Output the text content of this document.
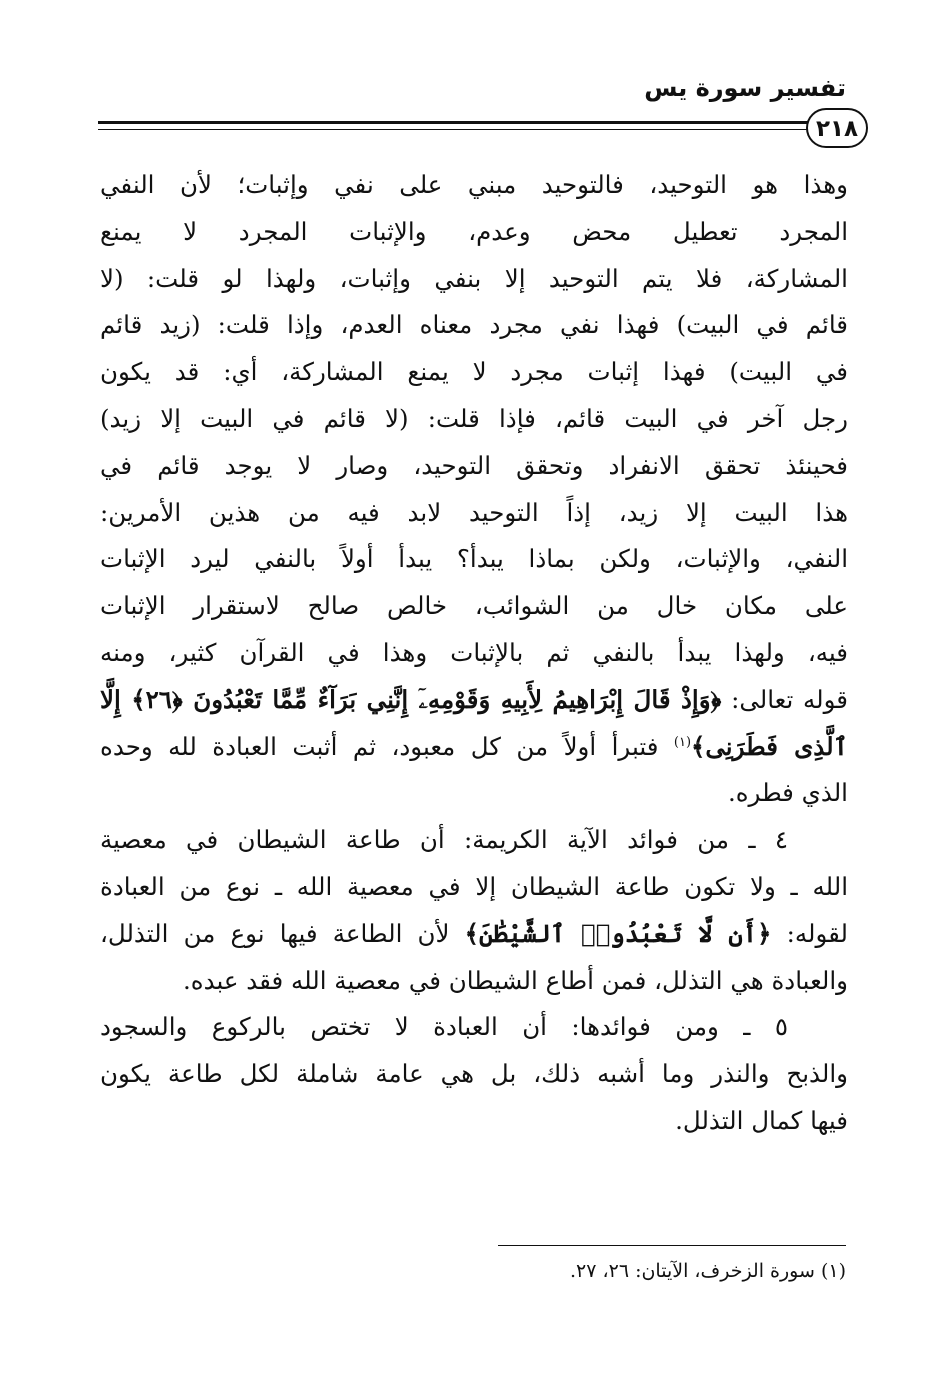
تفسير سورة يس
٢١٨
وهذا هو التوحيد، فالتوحيد مبني على نفي وإثبات؛ لأن النفي
المجرد تعطيل محض وعدم، والإثبات المجرد لا يمنع
المشاركة، فلا يتم التوحيد إلا بنفي وإثبات، ولهذا لو قلت: (لا
قائم في البيت) فهذا نفي مجرد معناه العدم، وإذا قلت: (زيد قائم
في البيت) فهذا إثبات مجرد لا يمنع المشاركة، أي: قد يكون
رجل آخر في البيت قائم، فإذا قلت: (لا قائم في البيت إلا زيد)
فحينئذ تحقق الانفراد وتحقق التوحيد، وصار لا يوجد قائم في
هذا البيت إلا زيد، إذاً التوحيد لابد فيه من هذين الأمرين:
النفي، والإثبات، ولكن بماذا يبدأ؟ يبدأ أولاً بالنفي ليرد الإثبات
على مكان خال من الشوائب، خالص صالح لاستقرار الإثبات
فيه، ولهذا يبدأ بالنفي ثم بالإثبات وهذا في القرآن كثير، ومنه
قوله تعالى: ﴿وَإِذْ قَالَ إِبْرَاهِيمُ لِأَبِيهِ وَقَوْمِهِۦٓ إِنَّنِي بَرَآءٌ مِّمَّا تَعْبُدُونَ ﴿٢٦﴾ إِلَّا
ٱلَّذِى فَطَرَنِى﴾$^{(١)}$ فتبرأ أولاً من كل معبود، ثم أثبت العبادة لله وحده
الذي فطره.
٤ ـ من فوائد الآية الكريمة: أن طاعة الشيطان في معصية
الله ـ ولا تكون طاعة الشيطان إلا في معصية الله ـ نوع من العبادة
لقوله: ﴿أَن لَّا تَعْبُدُوا۟ ٱلشَّيْطَٰنَ﴾ لأن الطاعة فيها نوع من التذلل،
والعبادة هي التذلل، فمن أطاع الشيطان في معصية الله فقد عبده.
٥ ـ ومن فوائدها: أن العبادة لا تختص بالركوع والسجود
والذبح والنذر وما أشبه ذلك، بل هي عامة شاملة لكل طاعة يكون
فيها كمال التذلل.
(١) سورة الزخرف، الآيتان: ٢٦، ٢٧.
